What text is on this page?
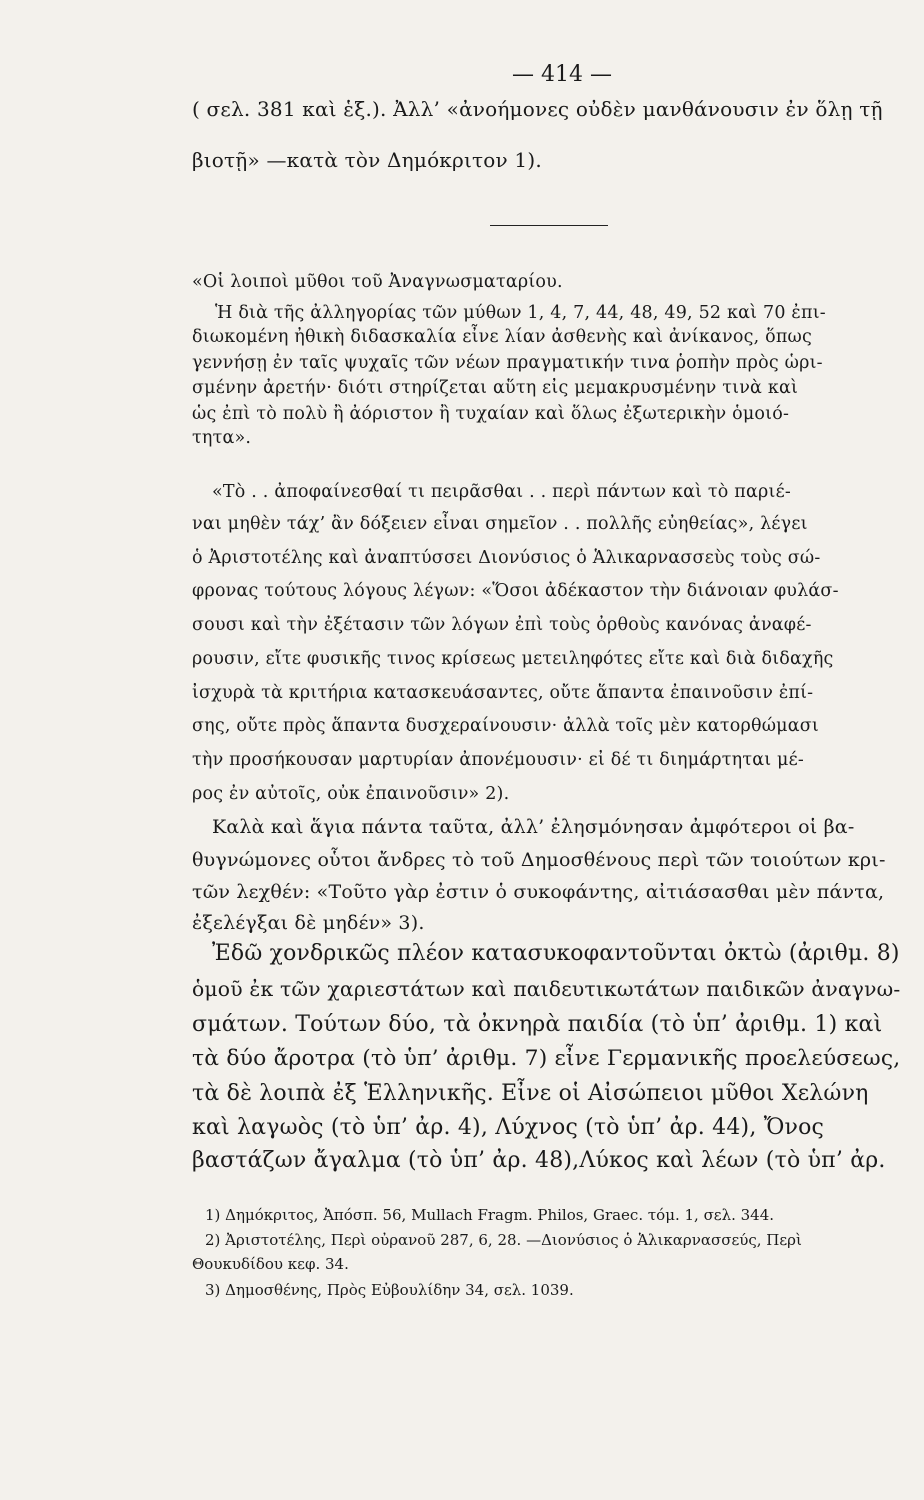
— 414 —
( σελ. 381 καὶ ἑξ.). Ἀλλ’ «ἀνοήμονες οὐδὲν μανθάνουσιν ἐν ὅλῃ τῇ
βιοτῇ» —κατὰ τὸν Δημόκριτον 1).
«Οἱ λοιποὶ μῦθοι τοῦ Ἀναγνωσματαρίου.
Ἡ διὰ τῆς ἀλληγορίας τῶν μύθων 1, 4, 7, 44, 48, 49, 52 καὶ 70 ἐπι-
διωκομένη ἠθικὴ διδασκαλία εἶνε λίαν ἀσθενὴς καὶ ἀνίκανος, ὅπως
γεννήσῃ ἐν ταῖς ψυχαῖς τῶν νέων πραγματικήν τινα ῥοπὴν πρὸς ὡρι-
σμένην ἀρετήν· διότι στηρίζεται αὕτη εἰς μεμακρυσμένην τινὰ καὶ
ὡς ἐπὶ τὸ πολὺ ἢ ἀόριστον ἢ τυχαίαν καὶ ὅλως ἐξωτερικὴν ὁμοιό-
τητα».
«Τὸ . . ἀποφαίνεσθαί τι πειρᾶσθαι . . περὶ πάντων καὶ τὸ παριέ-
ναι μηθὲν τάχ’ ἂν δόξειεν εἶναι σημεῖον . . πολλῆς εὐηθείας», λέγει
ὁ Ἀριστοτέλης καὶ ἀναπτύσσει Διονύσιος ὁ Ἁλικαρνασσεὺς τοὺς σώ-
φρονας τούτους λόγους λέγων: «Ὅσοι ἀδέκαστον τὴν διάνοιαν φυλάσ-
σουσι καὶ τὴν ἐξέτασιν τῶν λόγων ἐπὶ τοὺς ὀρθοὺς κανόνας ἀναφέ-
ρουσιν, εἴτε φυσικῆς τινος κρίσεως μετειληφότες εἴτε καὶ διὰ διδαχῆς
ἰσχυρὰ τὰ κριτήρια κατασκευάσαντες, οὔτε ἅπαντα ἐπαινοῦσιν ἐπί-
σης, οὔτε πρὸς ἅπαντα δυσχεραίνουσιν· ἀλλὰ τοῖς μὲν κατορθώμασι
τὴν προσήκουσαν μαρτυρίαν ἀπονέμουσιν· εἰ δέ τι διημάρτηται μέ-
ρος ἐν αὐτοῖς, οὐκ ἐπαινοῦσιν» 2).
Καλὰ καὶ ἅγια πάντα ταῦτα, ἀλλ’ ἐλησμόνησαν ἀμφότεροι οἱ βα-
θυγνώμονες οὗτοι ἄνδρες τὸ τοῦ Δημοσθένους περὶ τῶν τοιούτων κρι-
τῶν λεχθέν: «Τοῦτο γὰρ ἐστιν ὁ συκοφάντης, αἰτιάσασθαι μὲν πάντα,
ἐξελέγξαι δὲ μηδέν» 3).
Ἐδῶ χονδρικῶς πλέον κατασυκοφαντοῦνται ὀκτὼ (ἀριθμ. 8)
ὁμοῦ ἐκ τῶν χαριεστάτων καὶ παιδευτικωτάτων παιδικῶν ἀναγνω-
σμάτων. Τούτων δύο, τὰ ὀκνηρὰ παιδία (τὸ ὑπ’ ἀριθμ. 1) καὶ
τὰ δύο ἄροτρα (τὸ ὑπ’ ἀριθμ. 7) εἶνε Γερμανικῆς προελεύσεως,
τὰ δὲ λοιπὰ ἐξ Ἑλληνικῆς. Εἶνε οἱ Αἰσώπειοι μῦθοι Χελώνη
καὶ λαγωὸς (τὸ ὑπ’ ἀρ. 4), Λύχνος (τὸ ὑπ’ ἀρ. 44), Ὄνος
βαστάζων ἄγαλμα (τὸ ὑπ’ ἀρ. 48),Λύκος καὶ λέων (τὸ ὑπ’ ἀρ.
1) Δημόκριτος, Ἀπόσπ. 56, Mullach Fragm. Philos, Graec. τόμ. 1, σελ. 344.
2) Ἀριστοτέλης, Περὶ οὐρανοῦ 287, 6, 28. —Διονύσιος ὁ Ἁλικαρνασσεύς, Περὶ
Θουκυδίδου κεφ. 34.
3) Δημοσθένης, Πρὸς Εὐβουλίδην 34, σελ. 1039.
